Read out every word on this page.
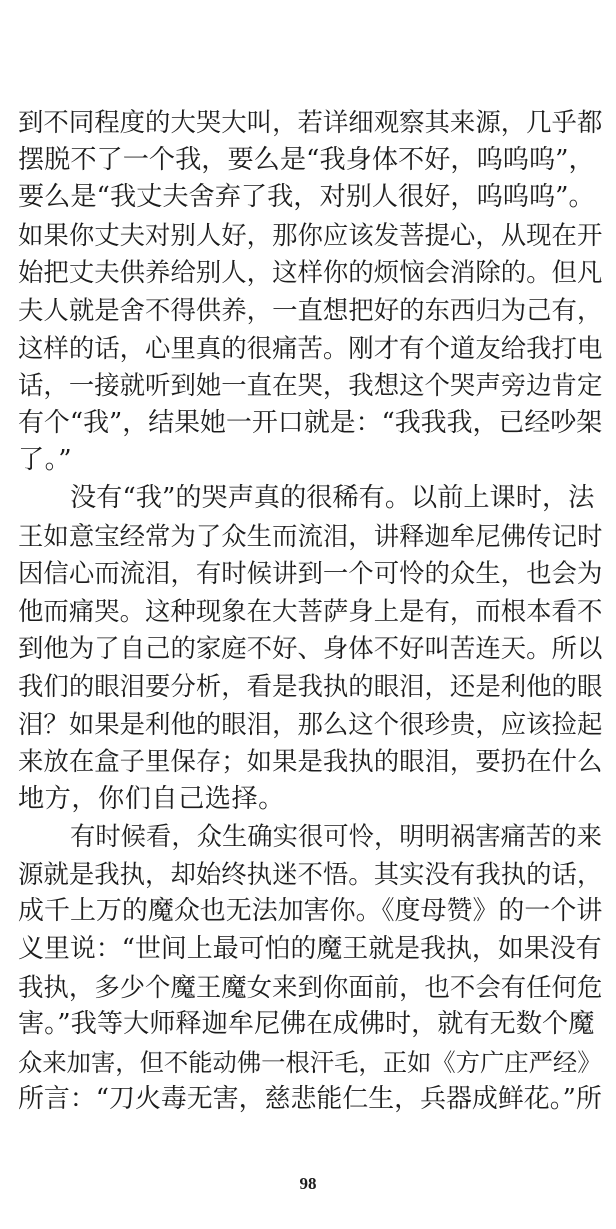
到不同程度的大哭大叫，若详细观察其来源，几乎都
摆脱不了一个我，要么是“我身体不好，呜呜呜”，
要么是“我丈夫舍弃了我，对别人很好，呜呜呜”。
如果你丈夫对别人好，那你应该发菩提心，从现在开
始把丈夫供养给别人，这样你的烦恼会消除的。但凡
夫人就是舍不得供养，一直想把好的东西归为己有，
这样的话，心里真的很痛苦。刚才有个道友给我打电
话，一接就听到她一直在哭，我想这个哭声旁边肯定
有个“我”，结果她一开口就是：“我我我，已经吵架
了。”
没有“我”的哭声真的很稀有。以前上课时，法
王如意宝经常为了众生而流泪，讲释迦牟尼佛传记时
因信心而流泪，有时候讲到一个可怜的众生，也会为
他而痛哭。这种现象在大菩萨身上是有，而根本看不
到他为了自己的家庭不好、身体不好叫苦连天。所以
我们的眼泪要分析，看是我执的眼泪，还是利他的眼
泪？如果是利他的眼泪，那么这个很珍贵，应该捡起
来放在盒子里保存；如果是我执的眼泪，要扔在什么
地方，你们自己选择。
有时候看，众生确实很可怜，明明祸害痛苦的来
源就是我执，却始终执迷不悟。其实没有我执的话，
成千上万的魔众也无法加害你。《度母赞》的一个讲
义里说：“世间上最可怕的魔王就是我执，如果没有
我执，多少个魔王魔女来到你面前，也不会有任何危
害。”我等大师释迦牟尼佛在成佛时，就有无数个魔
众来加害，但不能动佛一根汗毛，正如《方广庄严经》
所言：“刀火毒无害，慈悲能仁生，兵器成鲜花。”所
98
